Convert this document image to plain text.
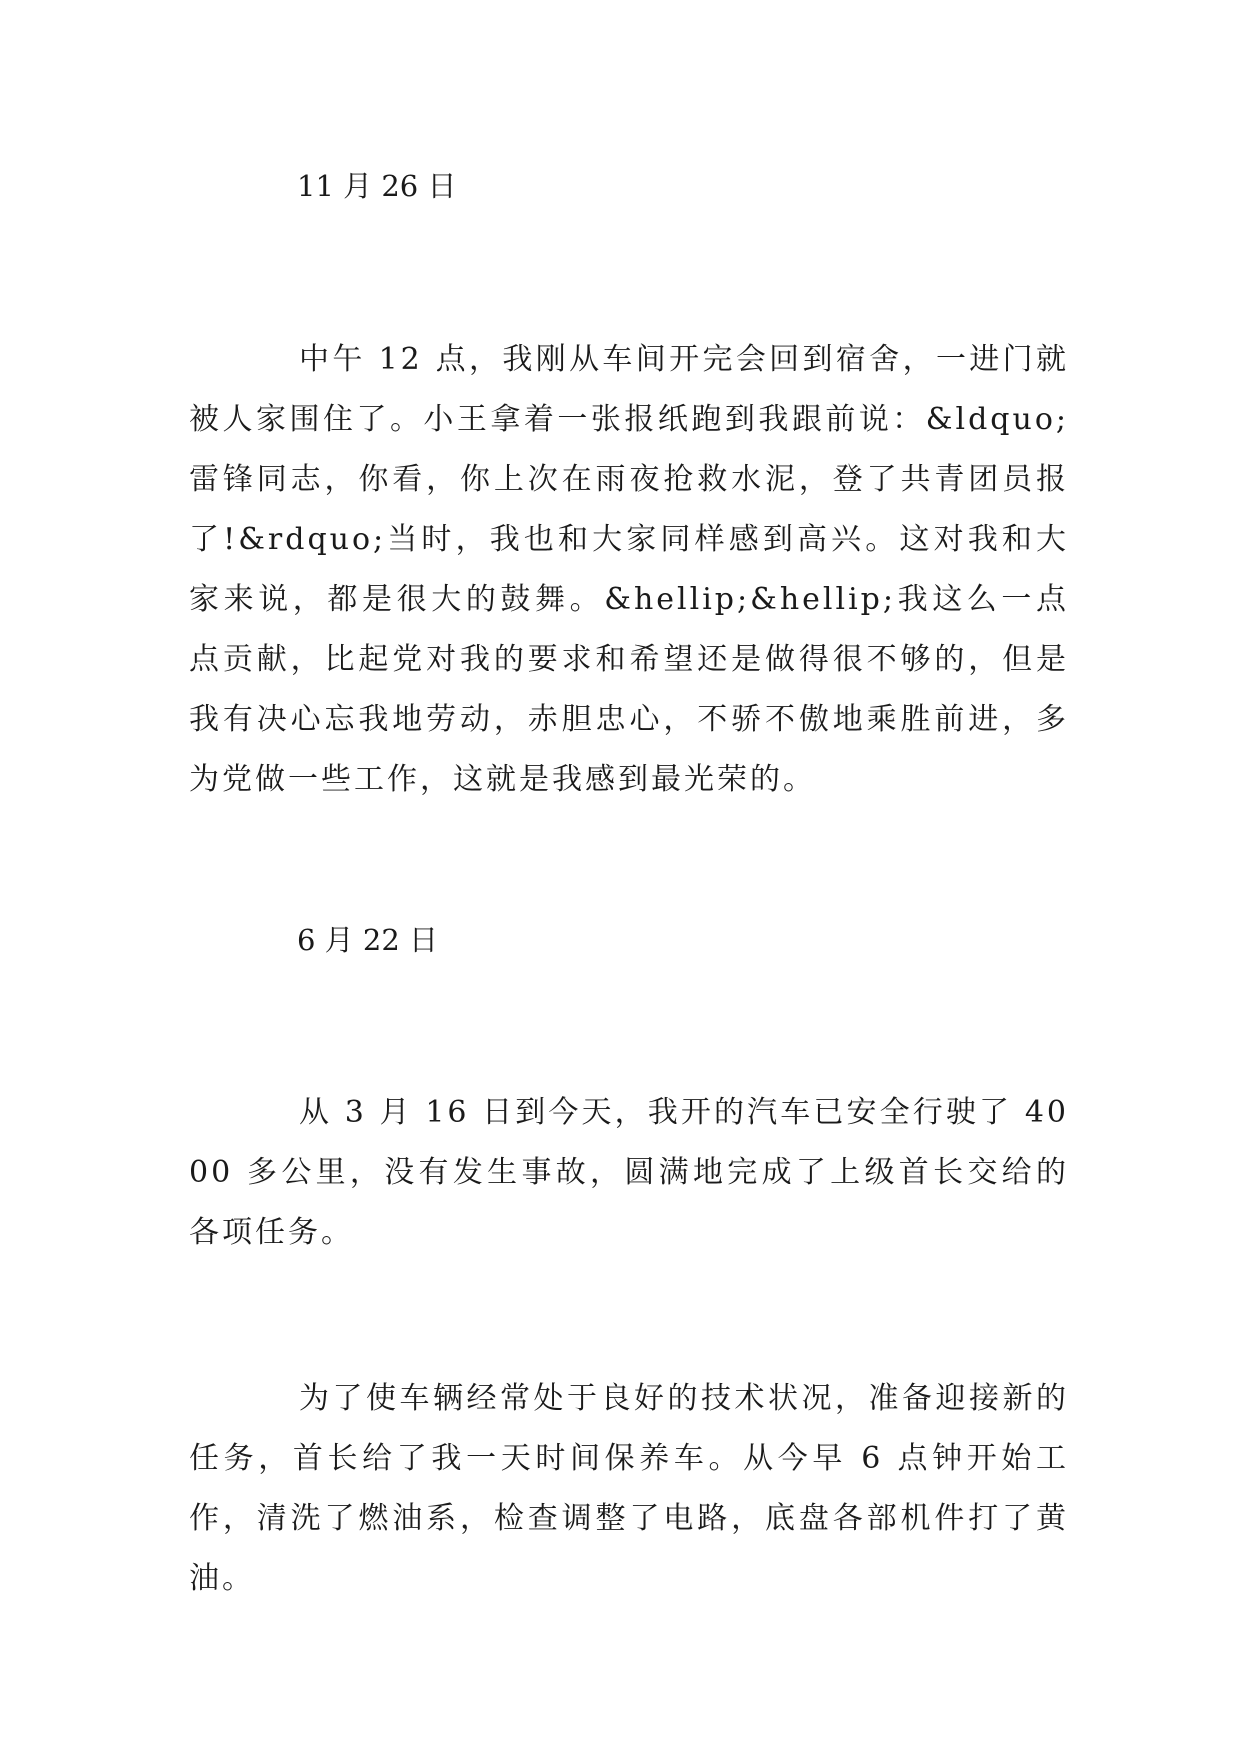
11 月 26 日

中午 12 点，我刚从车间开完会回到宿舍，一进门就被人家围住了。小王拿着一张报纸跑到我跟前说：&ldquo;雷锋同志，你看，你上次在雨夜抢救水泥，登了共青团员报了!&rdquo;当时，我也和大家同样感到高兴。这对我和大家来说，都是很大的鼓舞。&hellip;&hellip;我这么一点点贡献，比起党对我的要求和希望还是做得很不够的，但是我有决心忘我地劳动，赤胆忠心，不骄不傲地乘胜前进，多为党做一些工作，这就是我感到最光荣的。

6 月 22 日

从 3 月 16 日到今天，我开的汽车已安全行驶了 4000 多公里，没有发生事故，圆满地完成了上级首长交给的各项任务。

为了使车辆经常处于良好的技术状况，准备迎接新的任务，首长给了我一天时间保养车。从今早 6 点钟开始工作，清洗了燃油系，检查调整了电路，底盘各部机件打了黄油。
